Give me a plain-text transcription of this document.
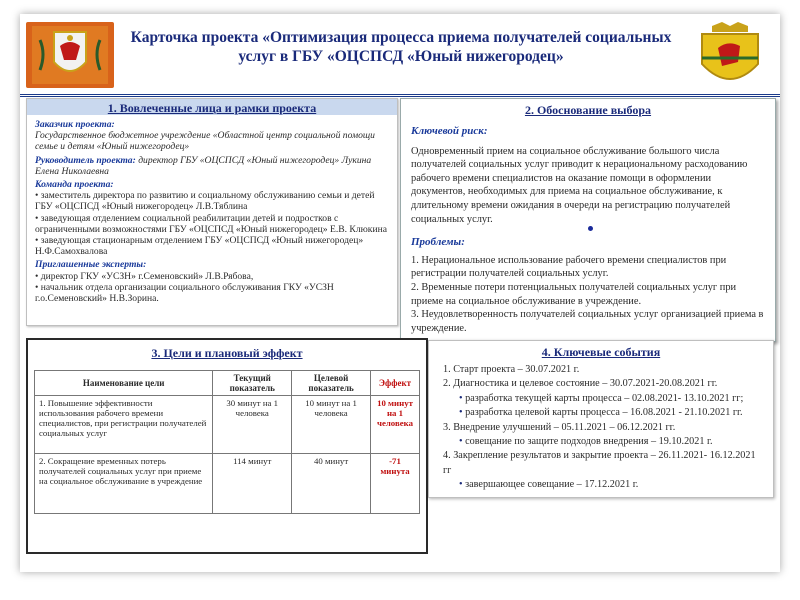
Карточка проекта «Оптимизация процесса приема получателей социальных услуг в ГБУ «ОЦСПСД «Юный нижегородец»
1. Вовлеченные лица и рамки проекта
Заказчик проекта:
Государственное бюджетное учреждение «Областной центр социальной помощи семье и детям «Юный нижегородец»
Руководитель проекта: директор ГБУ «ОЦСПСД «Юный нижегородец» Лукина Елена Николаевна
Команда проекта:
• заместитель директора по развитию и социальному обслуживанию семьи и детей ГБУ «ОЦСПСД «Юный нижегородец» Л.В.Тяблина
• заведующая отделением социальной реабилитации детей и подростков с ограниченными возможностями ГБУ «ОЦСПСД «Юный нижегородец» Е.В. Клюкина
• заведующая стационарным отделением ГБУ «ОЦСПСД «Юный нижегородец» Н.Ф.Самохвалова
Приглашенные эксперты:
• директор ГКУ «УСЗН» г.Семеновский» Л.В.Рябова,
• начальник отдела организации социального обслуживания ГКУ «УСЗН г.о.Семеновский» Н.В.Зорина.
2. Обоснование выбора
Ключевой риск:
Одновременный прием на социальное обслуживание большого числа получателей социальных услуг приводит к нерациональному расходованию рабочего времени специалистов на оказание помощи в оформлении документов, необходимых для приема на социальное обслуживание, к длительному времени ожидания в очереди на регистрацию получателей социальных услуг.
Проблемы:
1. Нерациональное использование рабочего времени специалистов при регистрации получателей социальных услуг.
2. Временные потери потенциальных получателей социальных услуг при приеме на социальное обслуживание в учреждение.
3. Неудовлетворенность получателей социальных услуг организацией приема в учреждение.
3. Цели и плановый эффект
Наименование цели	Текущий показатель	Целевой показатель	Эффект
1. Повышение эффективности использования рабочего времени специалистов, при регистрации получателей социальных услуг	30 минут на 1 человека	10 минут на 1 человека	10 минут на 1 человека
2. Сокращение временных потерь получателей социальных услуг при приеме на социальное обслуживание в учреждение	114 минут	40 минут	-71 минута
4. Ключевые события
1. Старт проекта – 30.07.2021 г.
2. Диагностика и целевое состояние – 30.07.2021-20.08.2021 гг.
• разработка текущей карты процесса – 02.08.2021- 13.10.2021 гг;
• разработка целевой карты процесса – 16.08.2021 - 21.10.2021 гг.
3. Внедрение улучшений – 05.11.2021 – 06.12.2021 гг.
• совещание по защите подходов внедрения – 19.10.2021 г.
4. Закрепление результатов и закрытие проекта – 26.11.2021- 16.12.2021 гг
• завершающее совещание – 17.12.2021 г.
